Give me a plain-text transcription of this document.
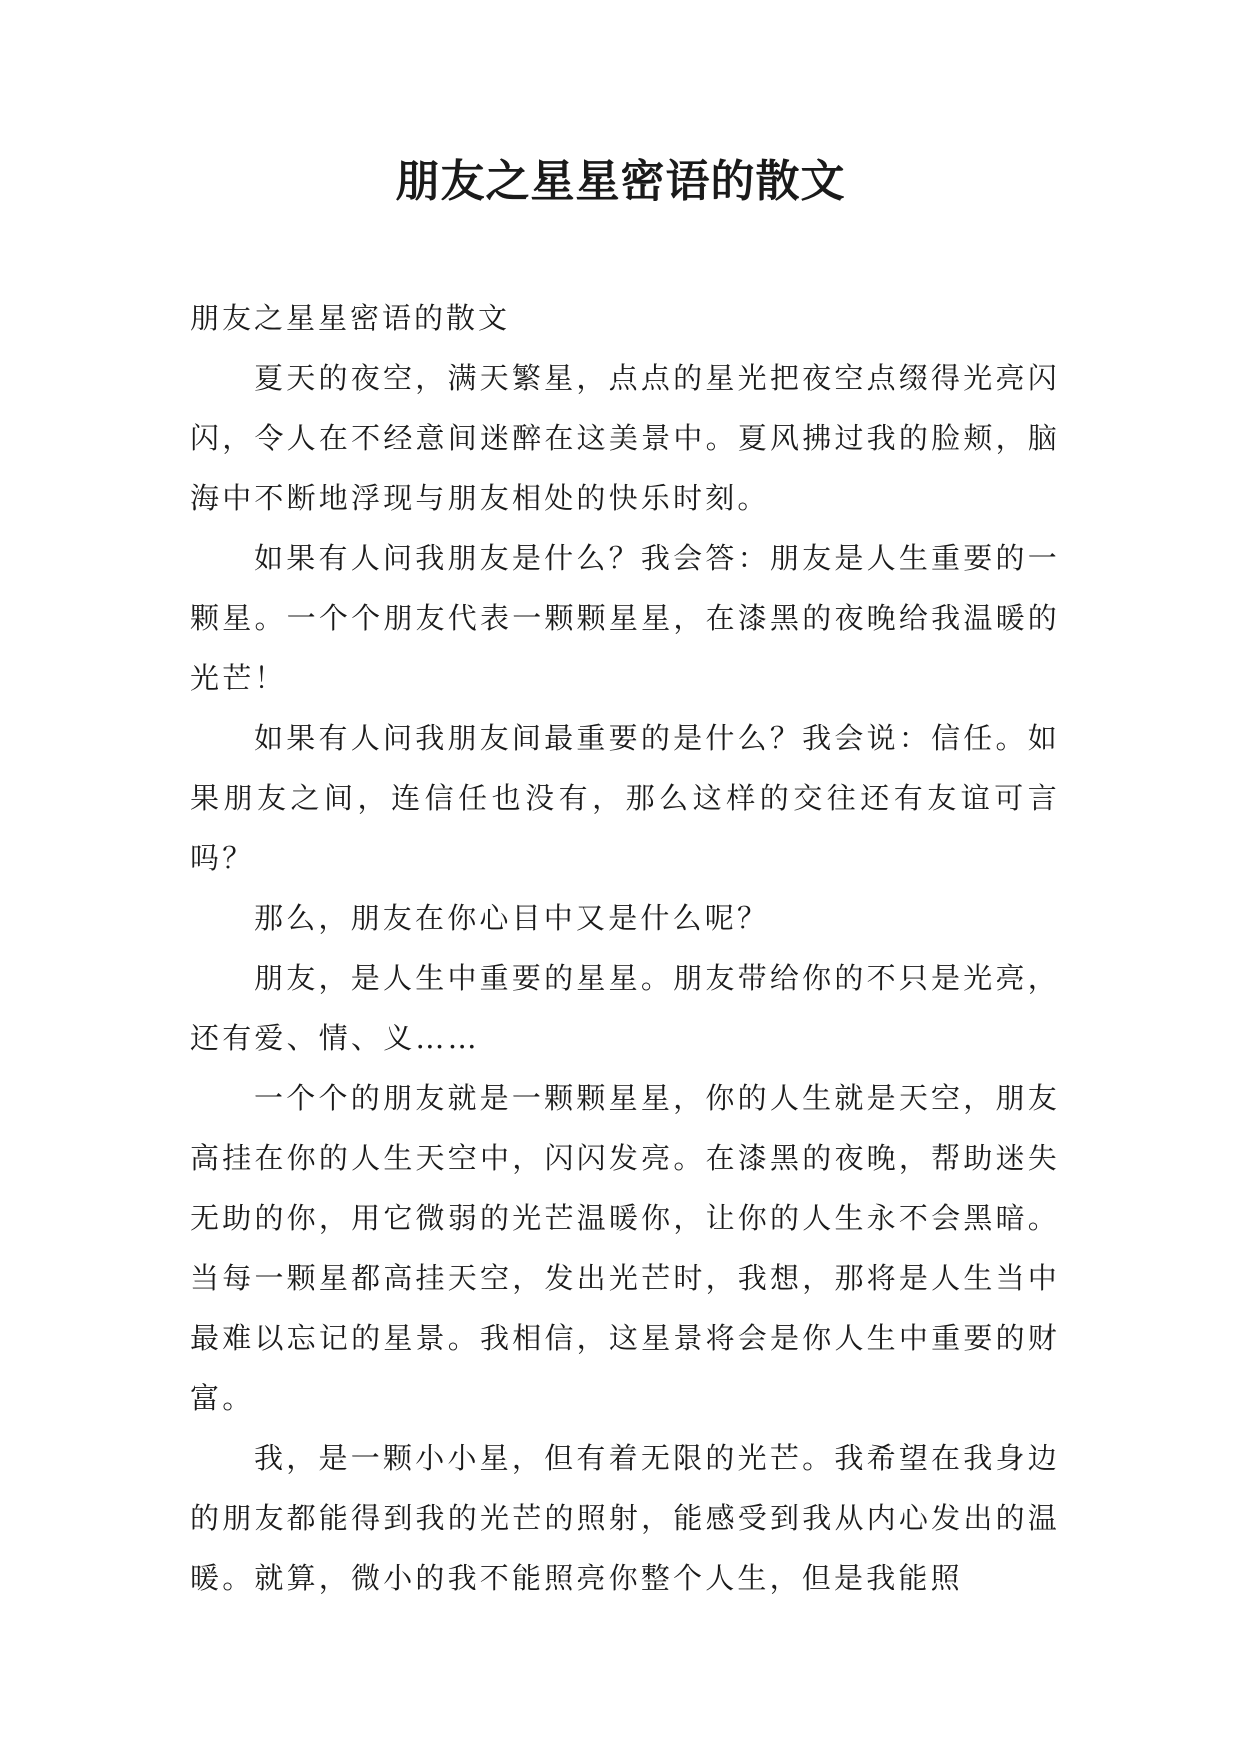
朋友之星星密语的散文

朋友之星星密语的散文

夏天的夜空，满天繁星，点点的星光把夜空点缀得光亮闪闪，令人在不经意间迷醉在这美景中。夏风拂过我的脸颊，脑海中不断地浮现与朋友相处的快乐时刻。

如果有人问我朋友是什么？我会答：朋友是人生重要的一颗星。一个个朋友代表一颗颗星星，在漆黑的夜晚给我温暖的光芒！

如果有人问我朋友间最重要的是什么？我会说：信任。如果朋友之间，连信任也没有，那么这样的交往还有友谊可言吗？

那么，朋友在你心目中又是什么呢？

朋友，是人生中重要的星星。朋友带给你的不只是光亮，还有爱、情、义……

一个个的朋友就是一颗颗星星，你的人生就是天空，朋友高挂在你的人生天空中，闪闪发亮。在漆黑的夜晚，帮助迷失无助的你，用它微弱的光芒温暖你，让你的人生永不会黑暗。当每一颗星都高挂天空，发出光芒时，我想，那将是人生当中最难以忘记的星景。我相信，这星景将会是你人生中重要的财富。

我，是一颗小小星，但有着无限的光芒。我希望在我身边的朋友都能得到我的光芒的照射，能感受到我从内心发出的温暖。就算，微小的我不能照亮你整个人生，但是我能照
